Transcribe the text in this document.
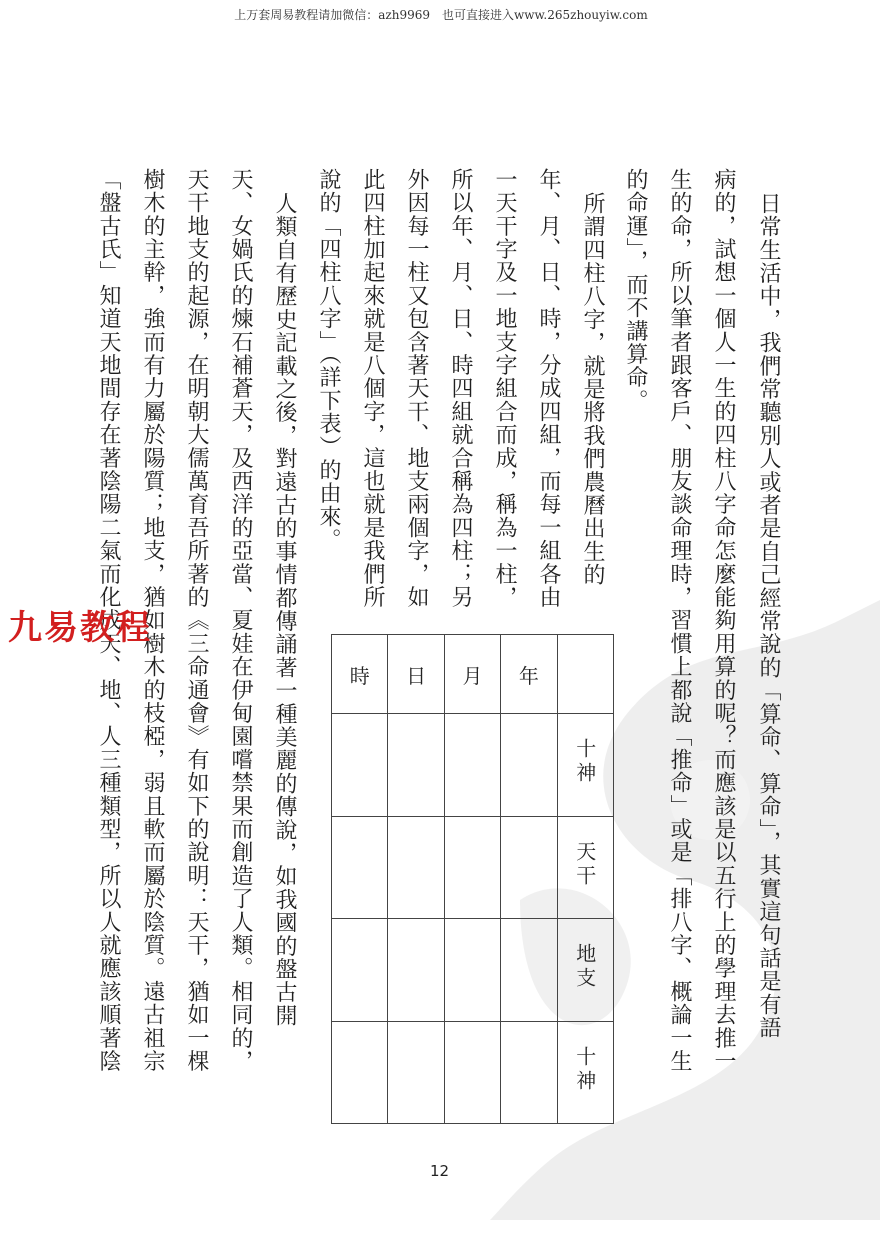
上万套周易教程请加微信：azh9969　也可直接进入www.265zhouyiw.com
日常生活中，我們常聽別人或者是自己經常說的「算命、算命」，其實這句話是有語
病的，試想一個人一生的四柱八字命怎麼能夠用算的呢？而應該是以五行上的學理去推一
生的命，所以筆者跟客戶、朋友談命理時，習慣上都說「推命」或是「排八字、概論一生
的命運」，而不講算命。
所謂四柱八字，就是將我們農曆出生的
年、月、日、時，分成四組，而每一組各由
一天干字及一地支字組合而成，稱為一柱，
所以年、月、日、時四組就合稱為四柱；另
外因每一柱又包含著天干、地支兩個字，如
此四柱加起來就是八個字，這也就是我們所
說的「四柱八字」（詳下表）的由來。
人類自有歷史記載之後，對遠古的事情都傳誦著一種美麗的傳說，如我國的盤古開
天、女媧氏的煉石補蒼天，及西洋的亞當、夏娃在伊甸園嚐禁果而創造了人類。相同的，
天干地支的起源，在明朝大儒萬育吾所著的《三命通會》有如下的說明：天干，猶如一棵
樹木的主幹，強而有力屬於陽質；地支，猶如樹木的枝椏，弱且軟而屬於陰質。遠古祖宗
「盤古氏」知道天地間存在著陰陽二氣而化成天、地、人三種類型，所以人就應該順著陰	時	日	月	年	
				十神
				天干
				地支
				十神
九易教程
12
